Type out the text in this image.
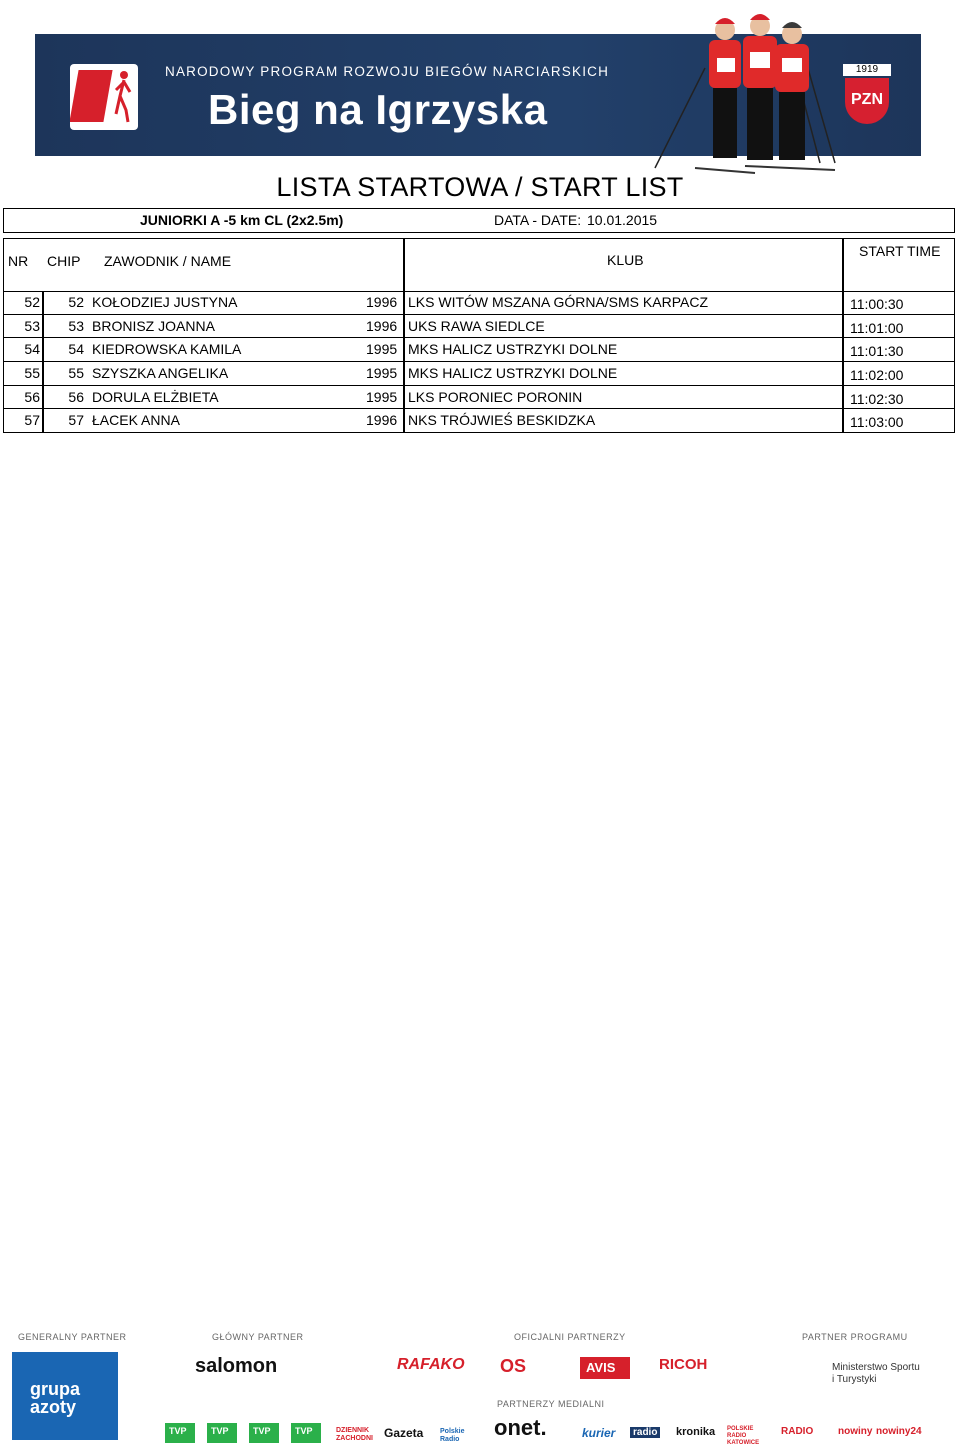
NARODOWY PROGRAM ROZWOJU BIEGÓW NARCIARSKICH
Bieg na Igrzyska
1919
PZN
LISTA STARTOWA / START LIST
JUNIORKI A -5 km CL (2x2.5m)	DATA - DATE: 10.01.2015
NR CHIP ZAWODNIK / NAME	KLUB
START TIME
52	52 KOŁODZIEJ JUSTYNA	1996 LKS WITÓW MSZANA GÓRNA/SMS KARPACZ	11:00:30
53	53 BRONISZ JOANNA	1996 UKS RAWA SIEDLCE	11:01:00
54	54 KIEDROWSKA KAMILA	1995 MKS HALICZ USTRZYKI DOLNE	11:01:30
55	55 SZYSZKA ANGELIKA	1995 MKS HALICZ USTRZYKI DOLNE	11:02:00
56	56 DORULA ELŻBIETA	1995 LKS PORONIEC PORONIN	11:02:30
57	57 ŁACEK ANNA	1996 NKS TRÓJWIEŚ BESKIDZKA	11:03:00
GENERALNY PARTNER	GŁÓWNY PARTNER	OFICJALNI PARTNERZY	PARTNER PROGRAMU
PARTNERZY MEDIALNI
grupa azoty
salomon	RAFAKO OS	AVIS	RICOH	Ministerstwo Sportu i Turystyki
TVP	TVP	TVP	TVP	DZIENNIK ZACHODNI Gazeta Polskie Radio	onet.	kurier	radio kronika POLSKIE RADIO KATOWICE
RADIO nowiny nowiny24
